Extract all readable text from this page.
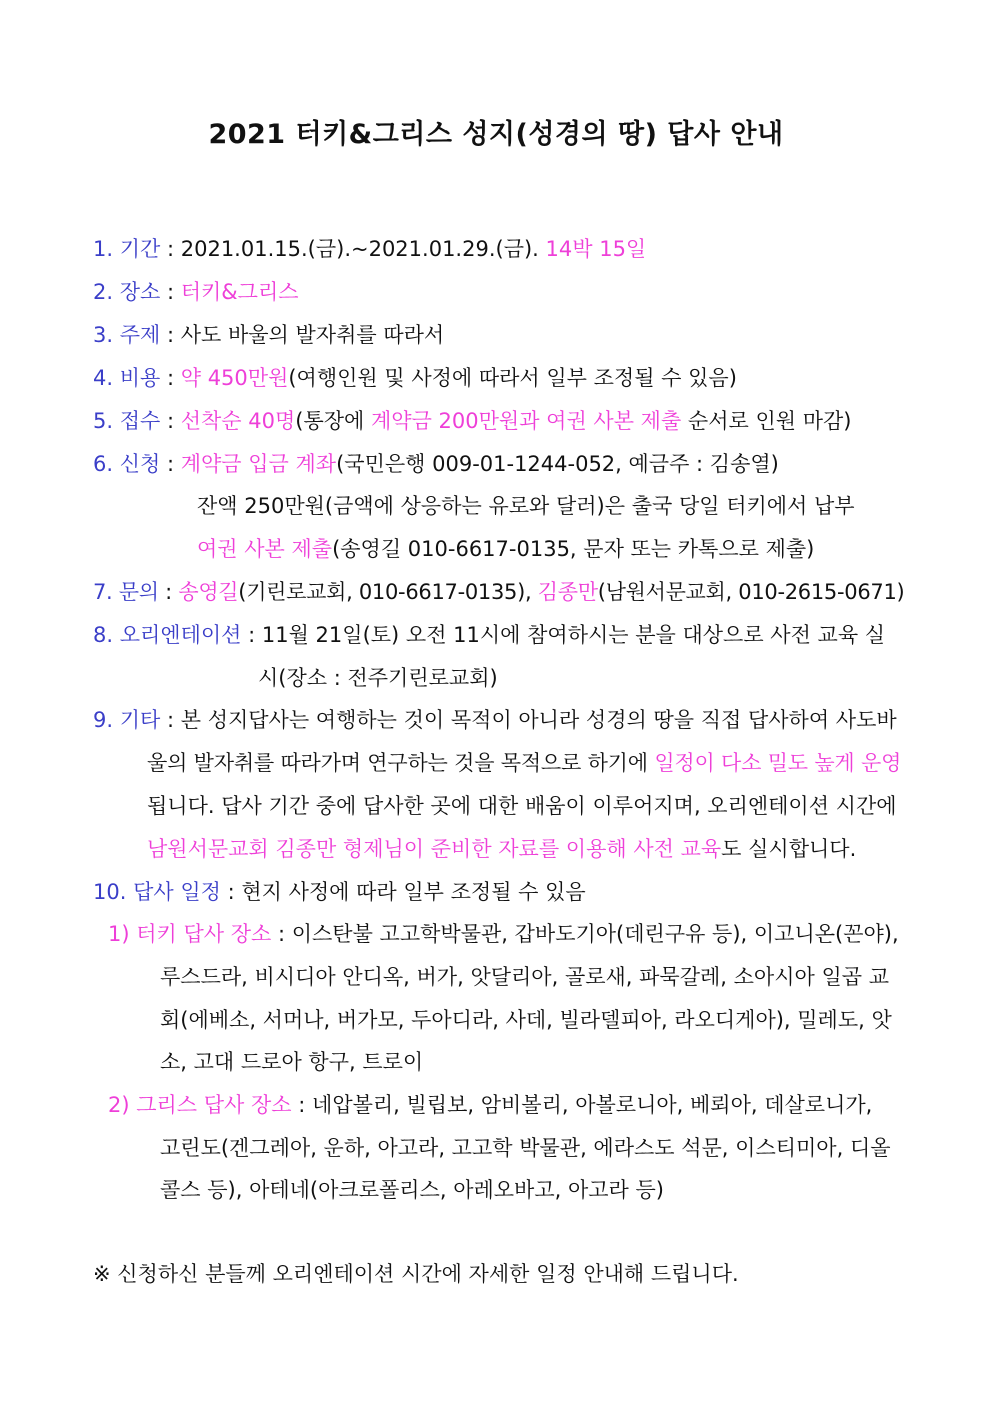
2021 터키&그리스 성지(성경의 땅) 답사 안내
1. 기간 : 2021.01.15.(금).~2021.01.29.(금). 14박 15일
2. 장소 : 터키&그리스
3. 주제 : 사도 바울의 발자취를 따라서
4. 비용 : 약 450만원(여행인원 및 사정에 따라서 일부 조정될 수 있음)
5. 접수 : 선착순 40명(통장에 계약금 200만원과 여권 사본 제출 순서로 인원 마감)
6. 신청 : 계약금 입금 계좌(국민은행 009-01-1244-052, 예금주 : 김송열)
잔액 250만원(금액에 상응하는 유로와 달러)은 출국 당일 터키에서 납부
여권 사본 제출(송영길 010-6617-0135, 문자 또는 카톡으로 제출)
7. 문의 : 송영길(기린로교회, 010-6617-0135), 김종만(남원서문교회, 010-2615-0671)
8. 오리엔테이션 : 11월 21일(토) 오전 11시에 참여하시는 분을 대상으로 사전 교육 실
시(장소 : 전주기린로교회)
9. 기타 : 본 성지답사는 여행하는 것이 목적이 아니라 성경의 땅을 직접 답사하여 사도바
울의 발자취를 따라가며 연구하는 것을 목적으로 하기에 일정이 다소 밀도 높게 운영
됩니다. 답사 기간 중에 답사한 곳에 대한 배움이 이루어지며, 오리엔테이션 시간에
남원서문교회 김종만 형제님이 준비한 자료를 이용해 사전 교육도 실시합니다.
10. 답사 일정 : 현지 사정에 따라 일부 조정될 수 있음
1) 터키 답사 장소 : 이스탄불 고고학박물관, 갑바도기아(데린구유 등), 이고니온(꼰야),
루스드라, 비시디아 안디옥, 버가, 앗달리아, 골로새, 파묵갈레, 소아시아 일곱 교
회(에베소, 서머나, 버가모, 두아디라, 사데, 빌라델피아, 라오디게아), 밀레도, 앗
소, 고대 드로아 항구, 트로이
2) 그리스 답사 장소 : 네압볼리, 빌립보, 암비볼리, 아볼로니아, 베뢰아, 데살로니가,
고린도(겐그레아, 운하, 아고라, 고고학 박물관, 에라스도 석문, 이스티미아, 디올
콜스 등), 아테네(아크로폴리스, 아레오바고, 아고라 등)
※ 신청하신 분들께 오리엔테이션 시간에 자세한 일정 안내해 드립니다.
